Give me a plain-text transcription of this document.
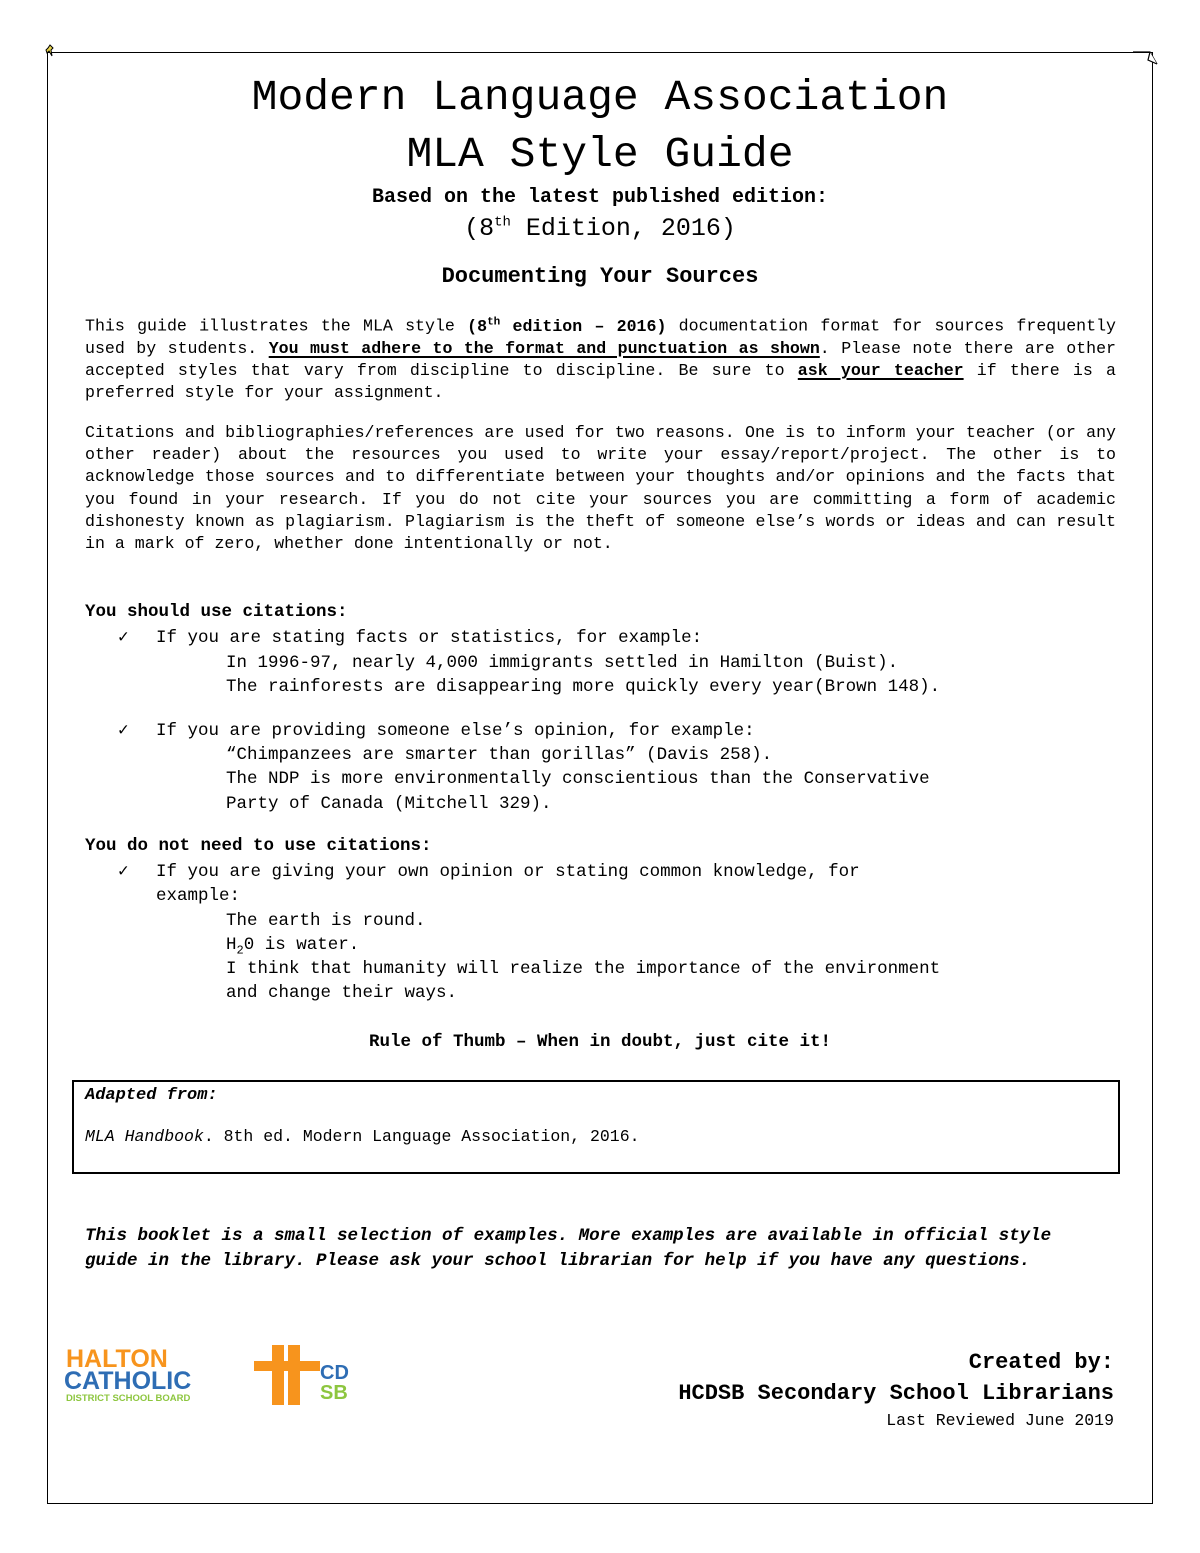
Modern Language Association
MLA Style Guide
Based on the latest published edition:
(8th Edition, 2016)
Documenting Your Sources
This guide illustrates the MLA style (8th edition – 2016) documentation format for sources frequently used by students. You must adhere to the format and punctuation as shown. Please note there are other accepted styles that vary from discipline to discipline. Be sure to ask your teacher if there is a preferred style for your assignment.
Citations and bibliographies/references are used for two reasons. One is to inform your teacher (or any other reader) about the resources you used to write your essay/report/project. The other is to acknowledge those sources and to differentiate between your thoughts and/or opinions and the facts that you found in your research. If you do not cite your sources you are committing a form of academic dishonesty known as plagiarism. Plagiarism is the theft of someone else’s words or ideas and can result in a mark of zero, whether done intentionally or not.
You should use citations:
✓ If you are stating facts or statistics, for example:
In 1996-97, nearly 4,000 immigrants settled in Hamilton (Buist).
The rainforests are disappearing more quickly every year(Brown 148).
✓ If you are providing someone else’s opinion, for example:
“Chimpanzees are smarter than gorillas” (Davis 258).
The NDP is more environmentally conscientious than the Conservative
Party of Canada (Mitchell 329).
You do not need to use citations:
✓ If you are giving your own opinion or stating common knowledge, for
example:
The earth is round.
$H_20$ is water.
I think that humanity will realize the importance of the environment
and change their ways.
Rule of Thumb – When in doubt, just cite it!
Adapted from:
MLA Handbook. 8th ed. Modern Language Association, 2016.
This booklet is a small selection of examples. More examples are available in official style guide in the library. Please ask your school librarian for help if you have any questions.
HALTON
CATHOLIC
DISTRICT SCHOOL BOARD
CD
SB
Created by:
HCDSB Secondary School Librarians
Last Reviewed June 2019
